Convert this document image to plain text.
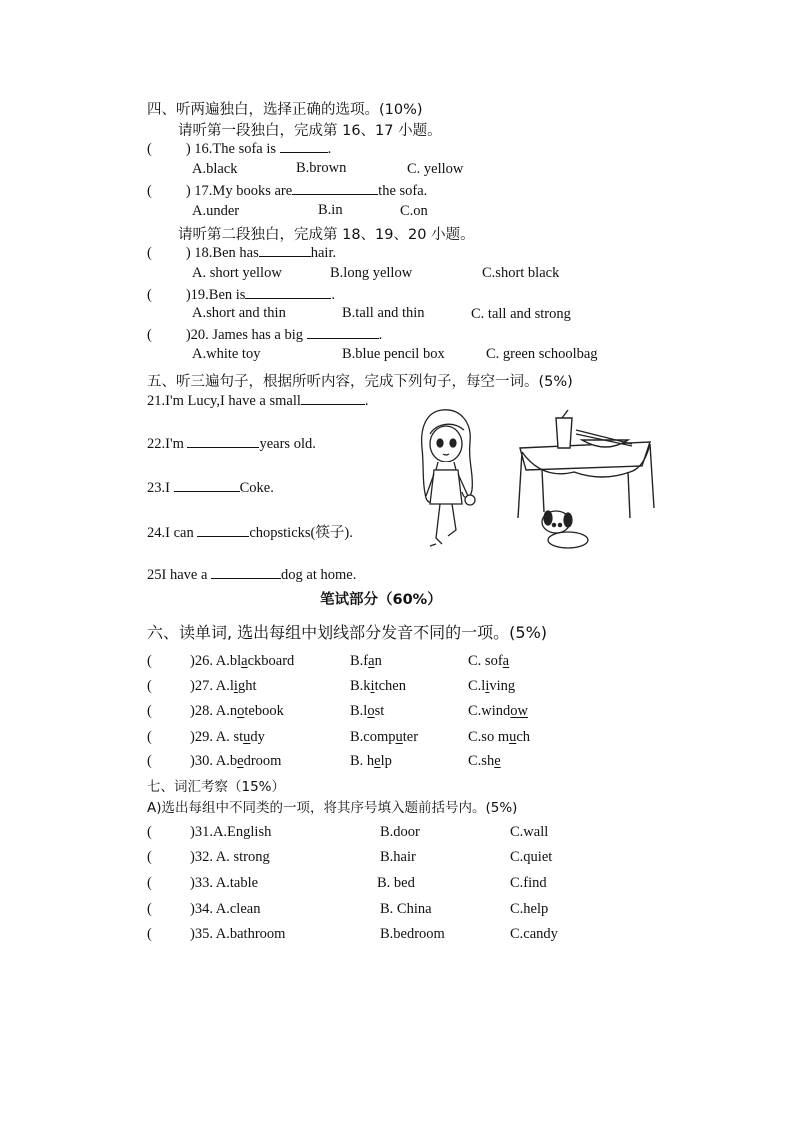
四、听两遍独白，选择正确的选项。(10%)
请听第一段独白，完成第 16、17 小题。
( ) 16.The sofa is	.
A.black	B.brown	C. yellow
( ) 17.My books are	the sofa.
A.under	B.in	C.on
请听第二段独白，完成第 18、19、20 小题。
( ) 18.Ben has	hair.
A. short yellow	B.long yellow	C.short black
( )19.Ben is	.
A.short and thin	B.tall and thin	C. tall and strong
( )20. James has a big	.
A.white toy	B.blue pencil box	C. green schoolbag
五、听三遍句子，根据所听内容，完成下列句子，每空一词。(5%)
21.I'm Lucy,I have a small	.
22.I'm	years old.
23.I	Coke.
24.I can	chopsticks(筷子).
25I have a	dog at home.
笔试部分（60%）
六、读单词, 选出每组中划线部分发音不同的一项。(5%)
(	)26. A.blackboard	B.fan	C. sofa
(	)27. A.light	B.kitchen	C.living
(	)28. A.notebook	B.lost	C.window
(	)29. A. study	B.computer	C.so much
(	)30. A.bedroom	B. help	C.she
七、词汇考察（15%）
A)选出每组中不同类的一项，将其序号填入题前括号内。(5%)
(	)31.A.English	B.door	C.wall
(	)32. A. strong	B.hair	C.quiet
(	)33. A.table	B. bed	C.find
(	)34. A.clean	B. China	C.help
(	)35. A.bathroom	B.bedroom	C.candy
